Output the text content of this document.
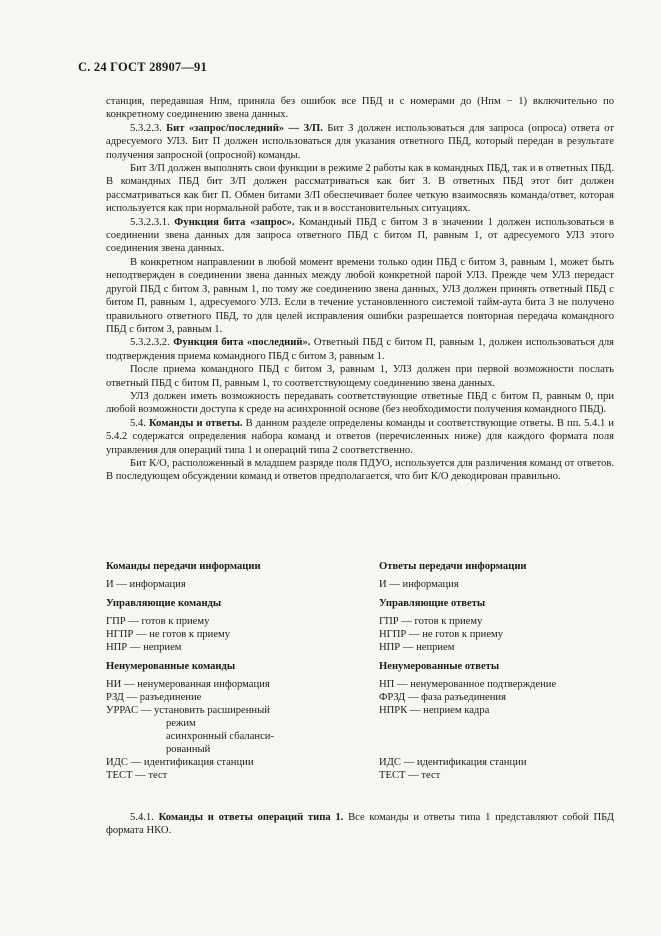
С. 24 ГОСТ 28907—91

станция, передавшая Нпм, приняла без ошибок все ПБД и с номерами до (Нпм − 1) включительно по конкретному соединению звена данных.

5.3.2.3. Бит «запрос/последний» — З/П. Бит З должен использоваться для запроса (опроса) ответа от адресуемого УЛЗ. Бит П должен использоваться для указания ответного ПБД, который передан в результате получения запросной (опросной) команды.

Бит З/П должен выполнять свои функции в режиме 2 работы как в командных ПБД, так и в ответных ПБД. В командных ПБД бит З/П должен рассматриваться как бит З. В ответных ПБД этот бит должен рассматриваться как бит П. Обмен битами З/П обеспечивает более четкую взаимосвязь команда/ответ, которая используется как при нормальной работе, так и в восстановительных ситуациях.

5.3.2.3.1. Функция бита «запрос». Командный ПБД с битом З в значении 1 должен использоваться в соединении звена данных для запроса ответного ПБД с битом П, равным 1, от адресуемого УЛЗ этого соединения звена данных.

В конкретном направлении в любой момент времени только один ПБД с битом З, равным 1, может быть неподтвержден в соединении звена данных между любой конкретной парой УЛЗ. Прежде чем УЛЗ передаст другой ПБД с битом З, равным 1, по тому же соединению звена данных, УЛЗ должен принять ответный ПБД с битом П, равным 1, адресуемого УЛЗ. Если в течение установленного системой тайм-аута бита З не получено правильного ответного ПБД, то для целей исправления ошибки разрешается повторная передача командного ПБД с битом З, равным 1.

5.3.2.3.2. Функция бита «последний». Ответный ПБД с битом П, равным 1, должен использоваться для подтверждения приема командного ПБД с битом З, равным 1.

После приема командного ПБД с битом З, равным 1, УЛЗ должен при первой возможности послать ответный ПБД с битом П, равным 1, то соответствующему соединению звена данных.

УЛЗ должен иметь возможность передавать соответствующие ответные ПБД с битом П, равным 0, при любой возможности доступа к среде на асинхронной основе (без необходимости получения командного ПБД).

5.4. Команды и ответы. В данном разделе определены команды и соответствующие ответы. В пп. 5.4.1 и 5.4.2 содержатся определения набора команд и ответов (перечисленных ниже) для каждого формата поля управления для операций типа 1 и операций типа 2 соответственно.

Бит К/О, расположенный в младшем разряде поля ПДУО, используется для различения команд от ответов. В последующем обсуждении команд и ответов предполагается, что бит К/О декодирован правильно.

Команды передачи информации

И — информация

Управляющие команды

ГПР — готов к приему

НГПР — не готов к приему

НПР — неприем

Ненумерованные команды

НИ — ненумерованная информация

РЗД — разъединение

УРРАС — установить расширенный

режим

асинхронный сбаланси-

рованный

ИДС — идентификация станции

ТЕСТ — тест

Ответы передачи информации

И — информация

Управляющие ответы

ГПР — готов к приему

НГПР — не готов к приему

НПР — неприем

Ненумерованные ответы

НП — ненумерованное подтверждение

ФРЗД — фаза разъединения

НПРК — неприем кадра

ИДС — идентификация станции

ТЕСТ — тест

5.4.1. Команды и ответы операций типа 1. Все команды и ответы типа 1 представляют собой ПБД формата НКО.
